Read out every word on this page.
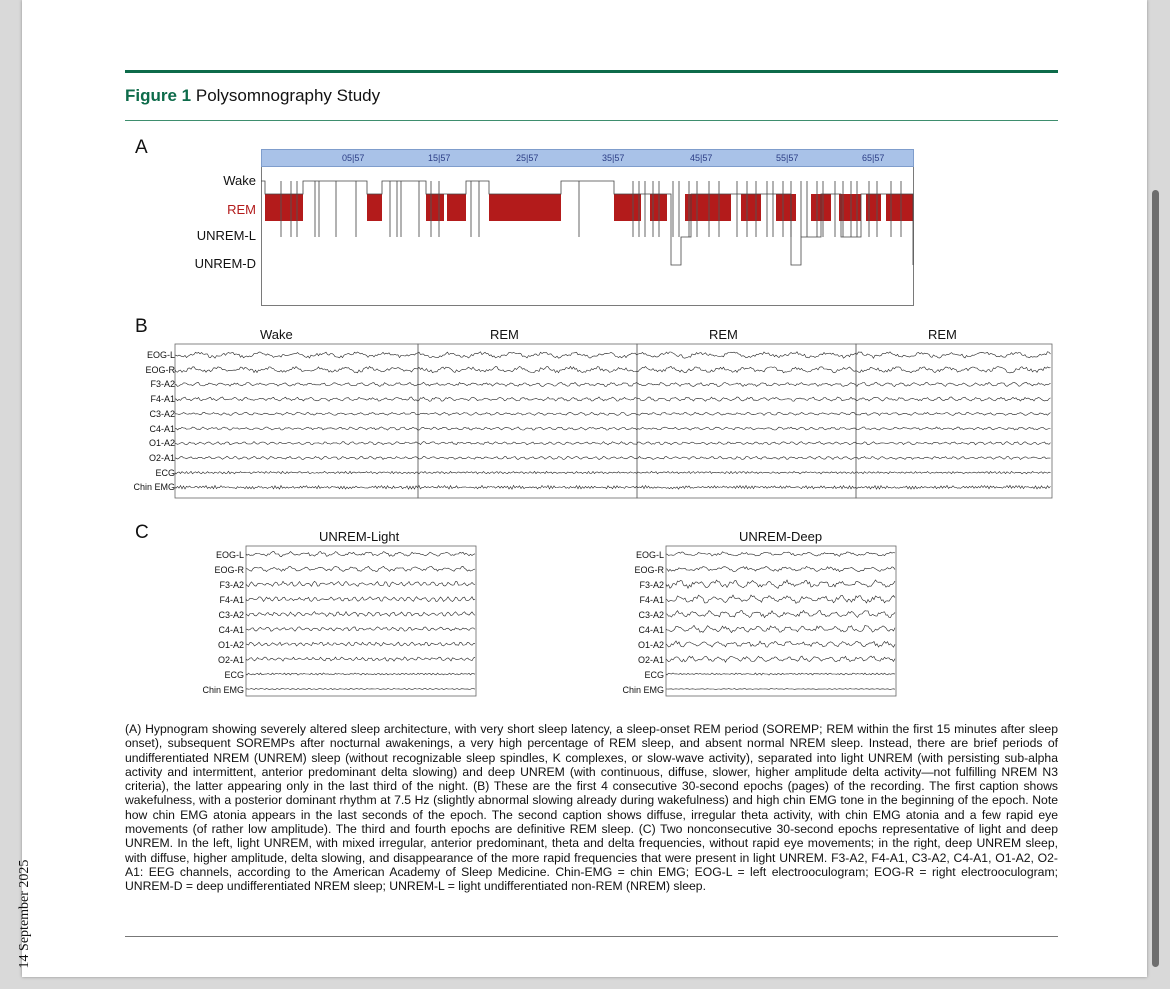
Figure 1 Polysomnography Study
A
Wake
REM
UNREM-L
UNREM-D
05|57	15|57	25|57	35|57	45|57	55|57	65|57
B	Wake	REM	REM	REM
EOG-L
EOG-R
F3-A2
F4-A1
C3-A2
C4-A1
O1-A2
O2-A1
ECG
Chin EMG
C	UNREM-Light	UNREM-Deep
EOG-L
EOG-R
F3-A2
F4-A1
C3-A2
C4-A1
O1-A2
O2-A1
ECG
Chin EMG
EOG-L
EOG-R
F3-A2
F4-A1
C3-A2
C4-A1
O1-A2
O2-A1
ECG
Chin EMG
(A) Hypnogram showing severely altered sleep architecture, with very short sleep latency, a sleep-onset REM period (SOREMP; REM within the first 15 minutes after sleep onset), subsequent SOREMPs after nocturnal awakenings, a very high percentage of REM sleep, and absent normal NREM sleep. Instead, there are brief periods of undifferentiated NREM (UNREM) sleep (without recognizable sleep spindles, K complexes, or slow-wave activity), separated into light UNREM (with persisting sub-alpha activity and intermittent, anterior predominant delta slowing) and deep UNREM (with continuous, diffuse, slower, higher amplitude delta activity—not fulfilling NREM N3 criteria), the latter appearing only in the last third of the night. (B) These are the first 4 consecutive 30-second epochs (pages) of the recording. The first caption shows wakefulness, with a posterior dominant rhythm at 7.5 Hz (slightly abnormal slowing already during wakefulness) and high chin EMG tone in the beginning of the epoch. Note how chin EMG atonia appears in the last seconds of the epoch. The second caption shows diffuse, irregular theta activity, with chin EMG atonia and a few rapid eye movements (of rather low amplitude). The third and fourth epochs are definitive REM sleep. (C) Two nonconsecutive 30-second epochs representative of light and deep UNREM. In the left, light UNREM, with mixed irregular, anterior predominant, theta and delta frequencies, without rapid eye movements; in the right, deep UNREM sleep, with diffuse, higher amplitude, delta slowing, and disappearance of the more rapid frequencies that were present in light UNREM. F3-A2, F4-A1, C3-A2, C4-A1, O1-A2, O2-A1: EEG channels, according to the American Academy of Sleep Medicine. Chin-EMG = chin EMG; EOG-L = left electrooculogram; EOG-R = right electrooculogram; UNREM-D = deep undifferentiated NREM sleep; UNREM-L = light undifferentiated non-REM (NREM) sleep.
14 September 2025
